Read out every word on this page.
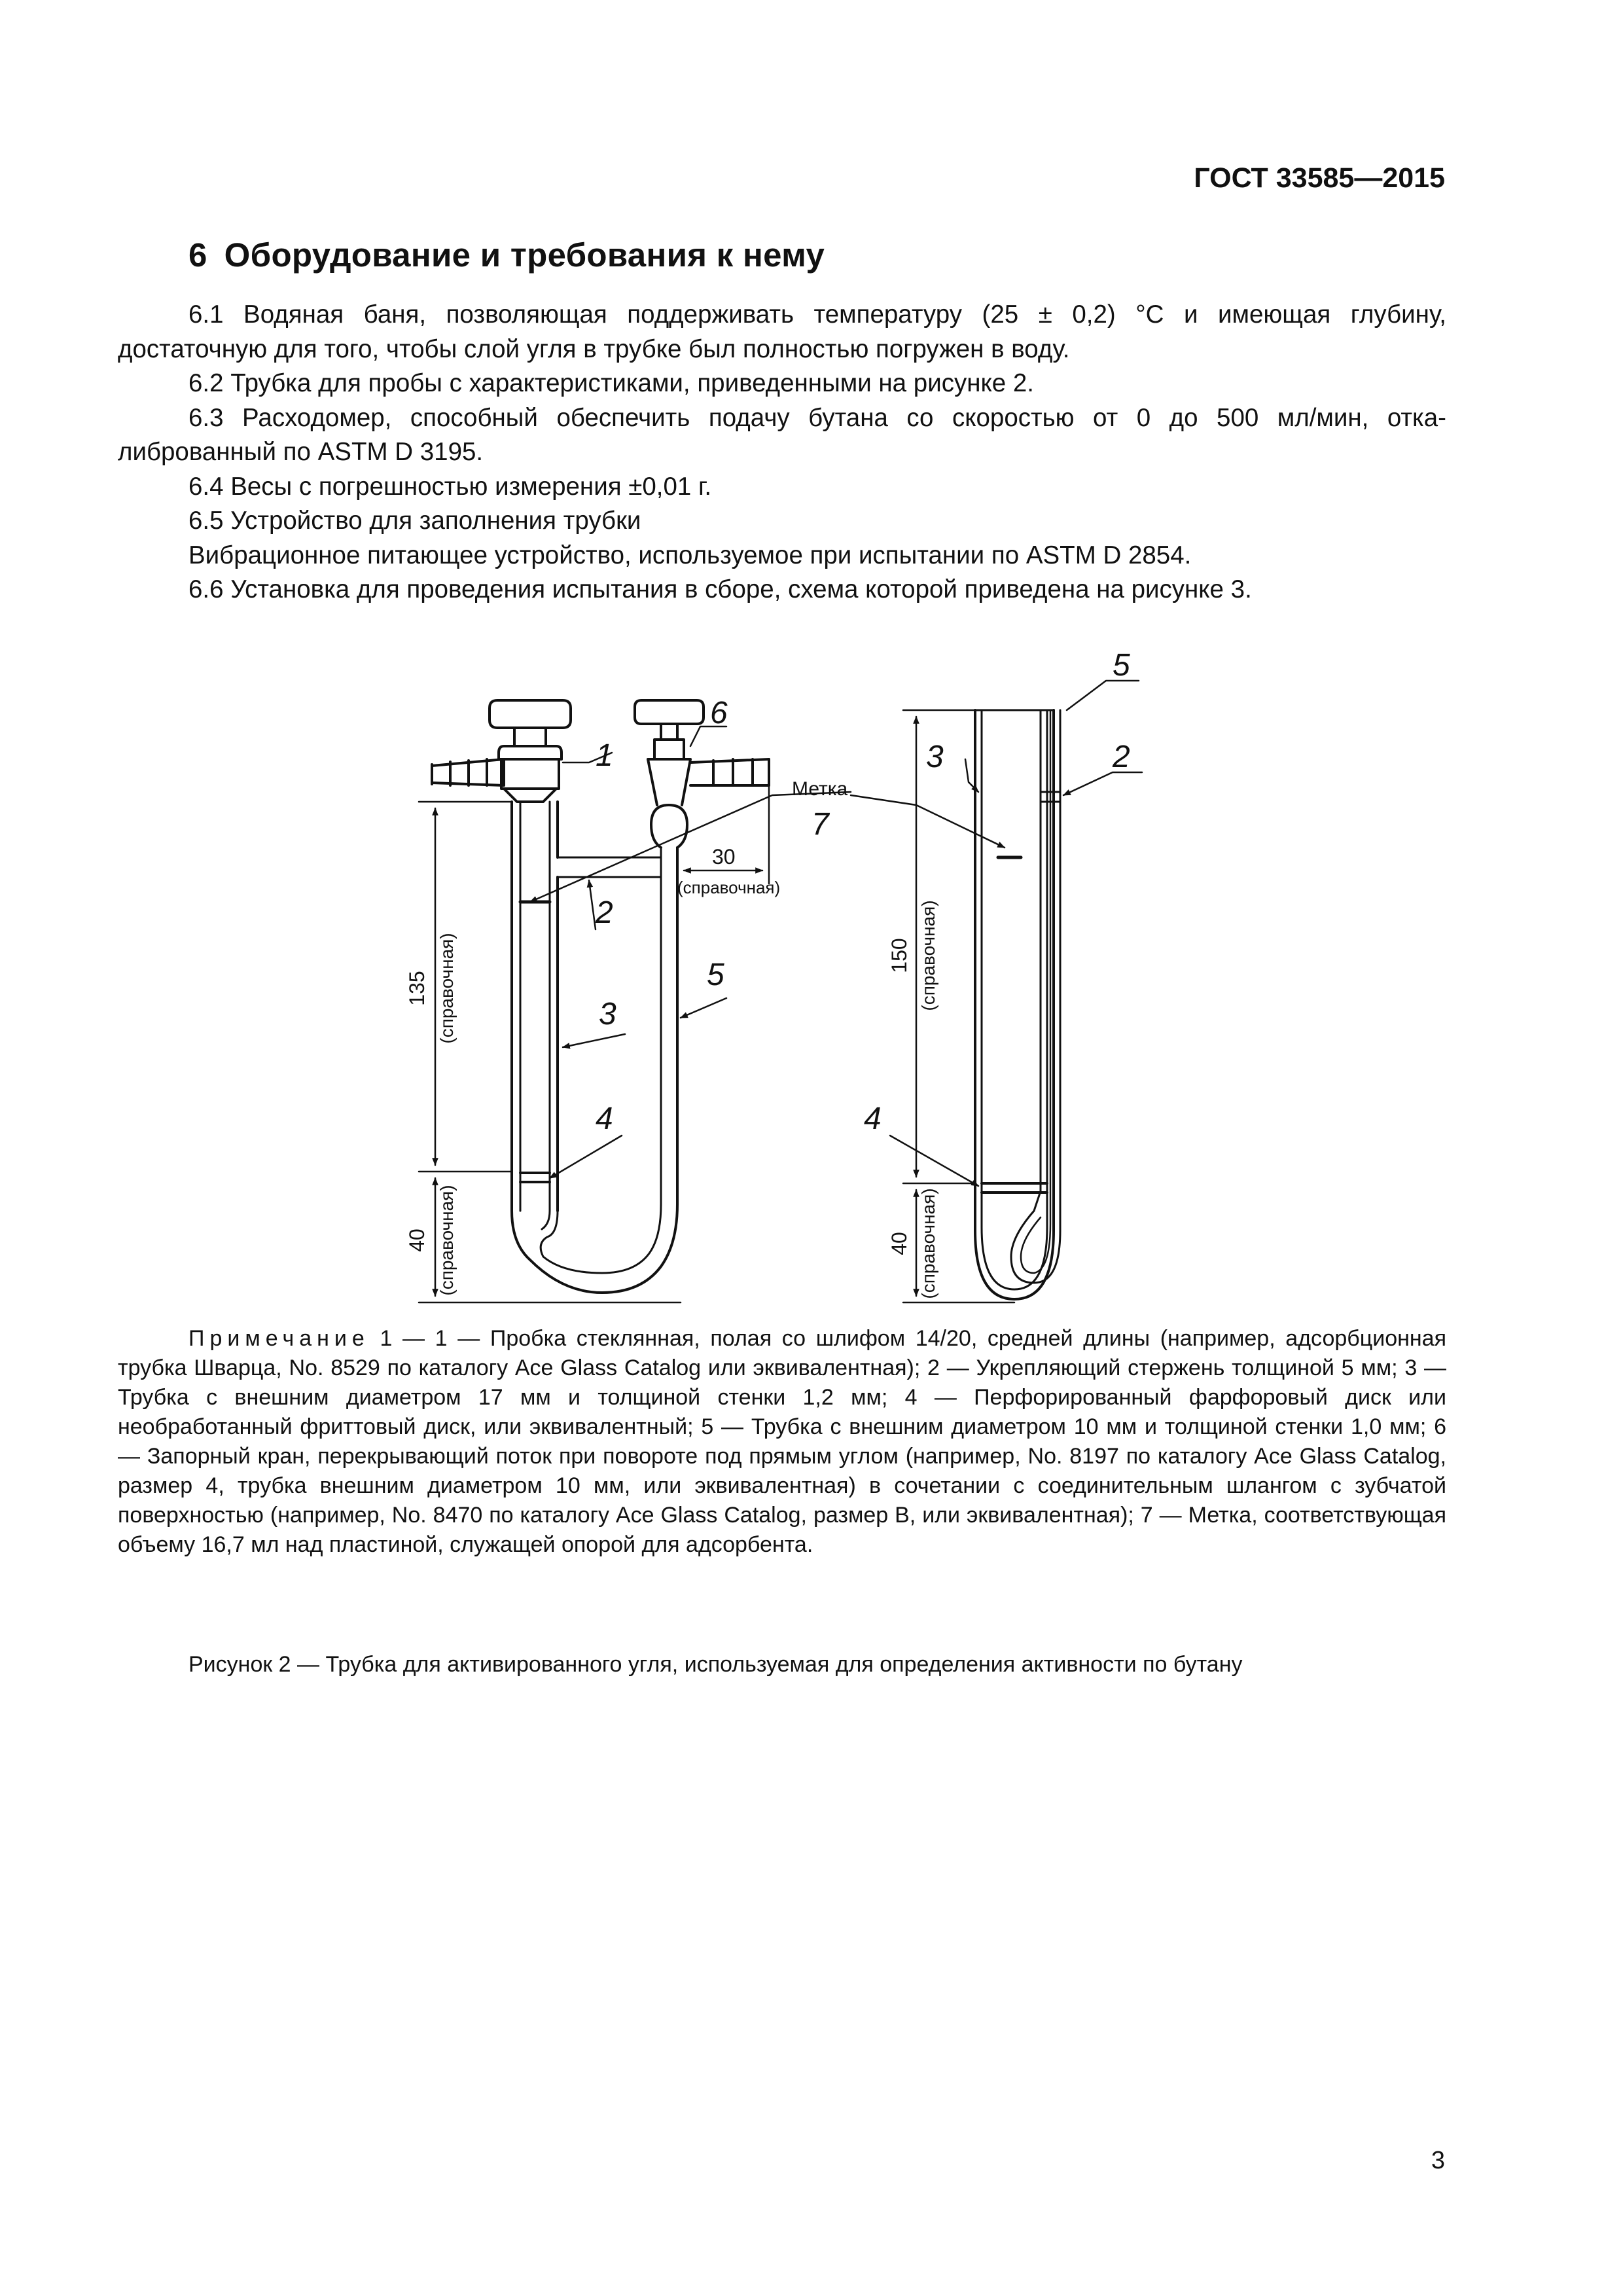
ГОСТ 33585—2015
6 Оборудование и требования к нему

6.1 Водяная баня, позволяющая поддерживать температуру (25 ± 0,2) °С и имеющая глубину,

достаточную для того, чтобы слой угля в трубке был полностью погружен в воду.

6.2 Трубка для пробы с характеристиками, приведенными на рисунке 2.

6.3 Расходомер, способный обеспечить подачу бутана со скоростью от 0 до 500 мл/мин, отка-

либрованный по ASTM D 3195.

6.4 Весы с погрешностью измерения ±0,01 г.

6.5 Устройство для заполнения трубки

Вибрационное питающее устройство, используемое при испытании по ASTM D 2854.

6.6 Установка для проведения испытания в сборе, схема которой приведена на рисунке 3.

1
6
7
2
3
5
4
5
3	2
4
Метка
30
(справочная)
135 (справочная)
40 (справочная)
150 (справочная)
40 (справочная)
Примечание 1 — 1 — Пробка стеклянная, полая со шлифом 14/20, средней длины (например, адсорбционная трубка Шварца, No. 8529 по каталогу Ace Glass Catalog или эквивалентная); 2 — Укрепляющий стержень толщиной 5 мм; 3 — Трубка с внешним диаметром 17 мм и толщиной стенки 1,2 мм; 4 — Перфорированный фарфоровый диск или необработанный фриттовый диск, или эквивалентный; 5 — Трубка с внешним диаметром 10 мм и толщиной стенки 1,0 мм; 6 — Запорный кран, перекрывающий поток при повороте под прямым углом (например, No. 8197 по каталогу Ace Glass Catalog, размер 4, трубка внешним диаметром 10 мм, или эквивалентная) в сочетании с соединительным шлангом с зубчатой поверхностью (например, No. 8470 по каталогу Ace Glass Catalog, размер B, или эквивалентная); 7 — Метка, соответствующая объему 16,7 мл над пластиной, служащей опорой для адсорбента.
Рисунок 2 — Трубка для активированного угля, используемая для определения активности по бутану
3
